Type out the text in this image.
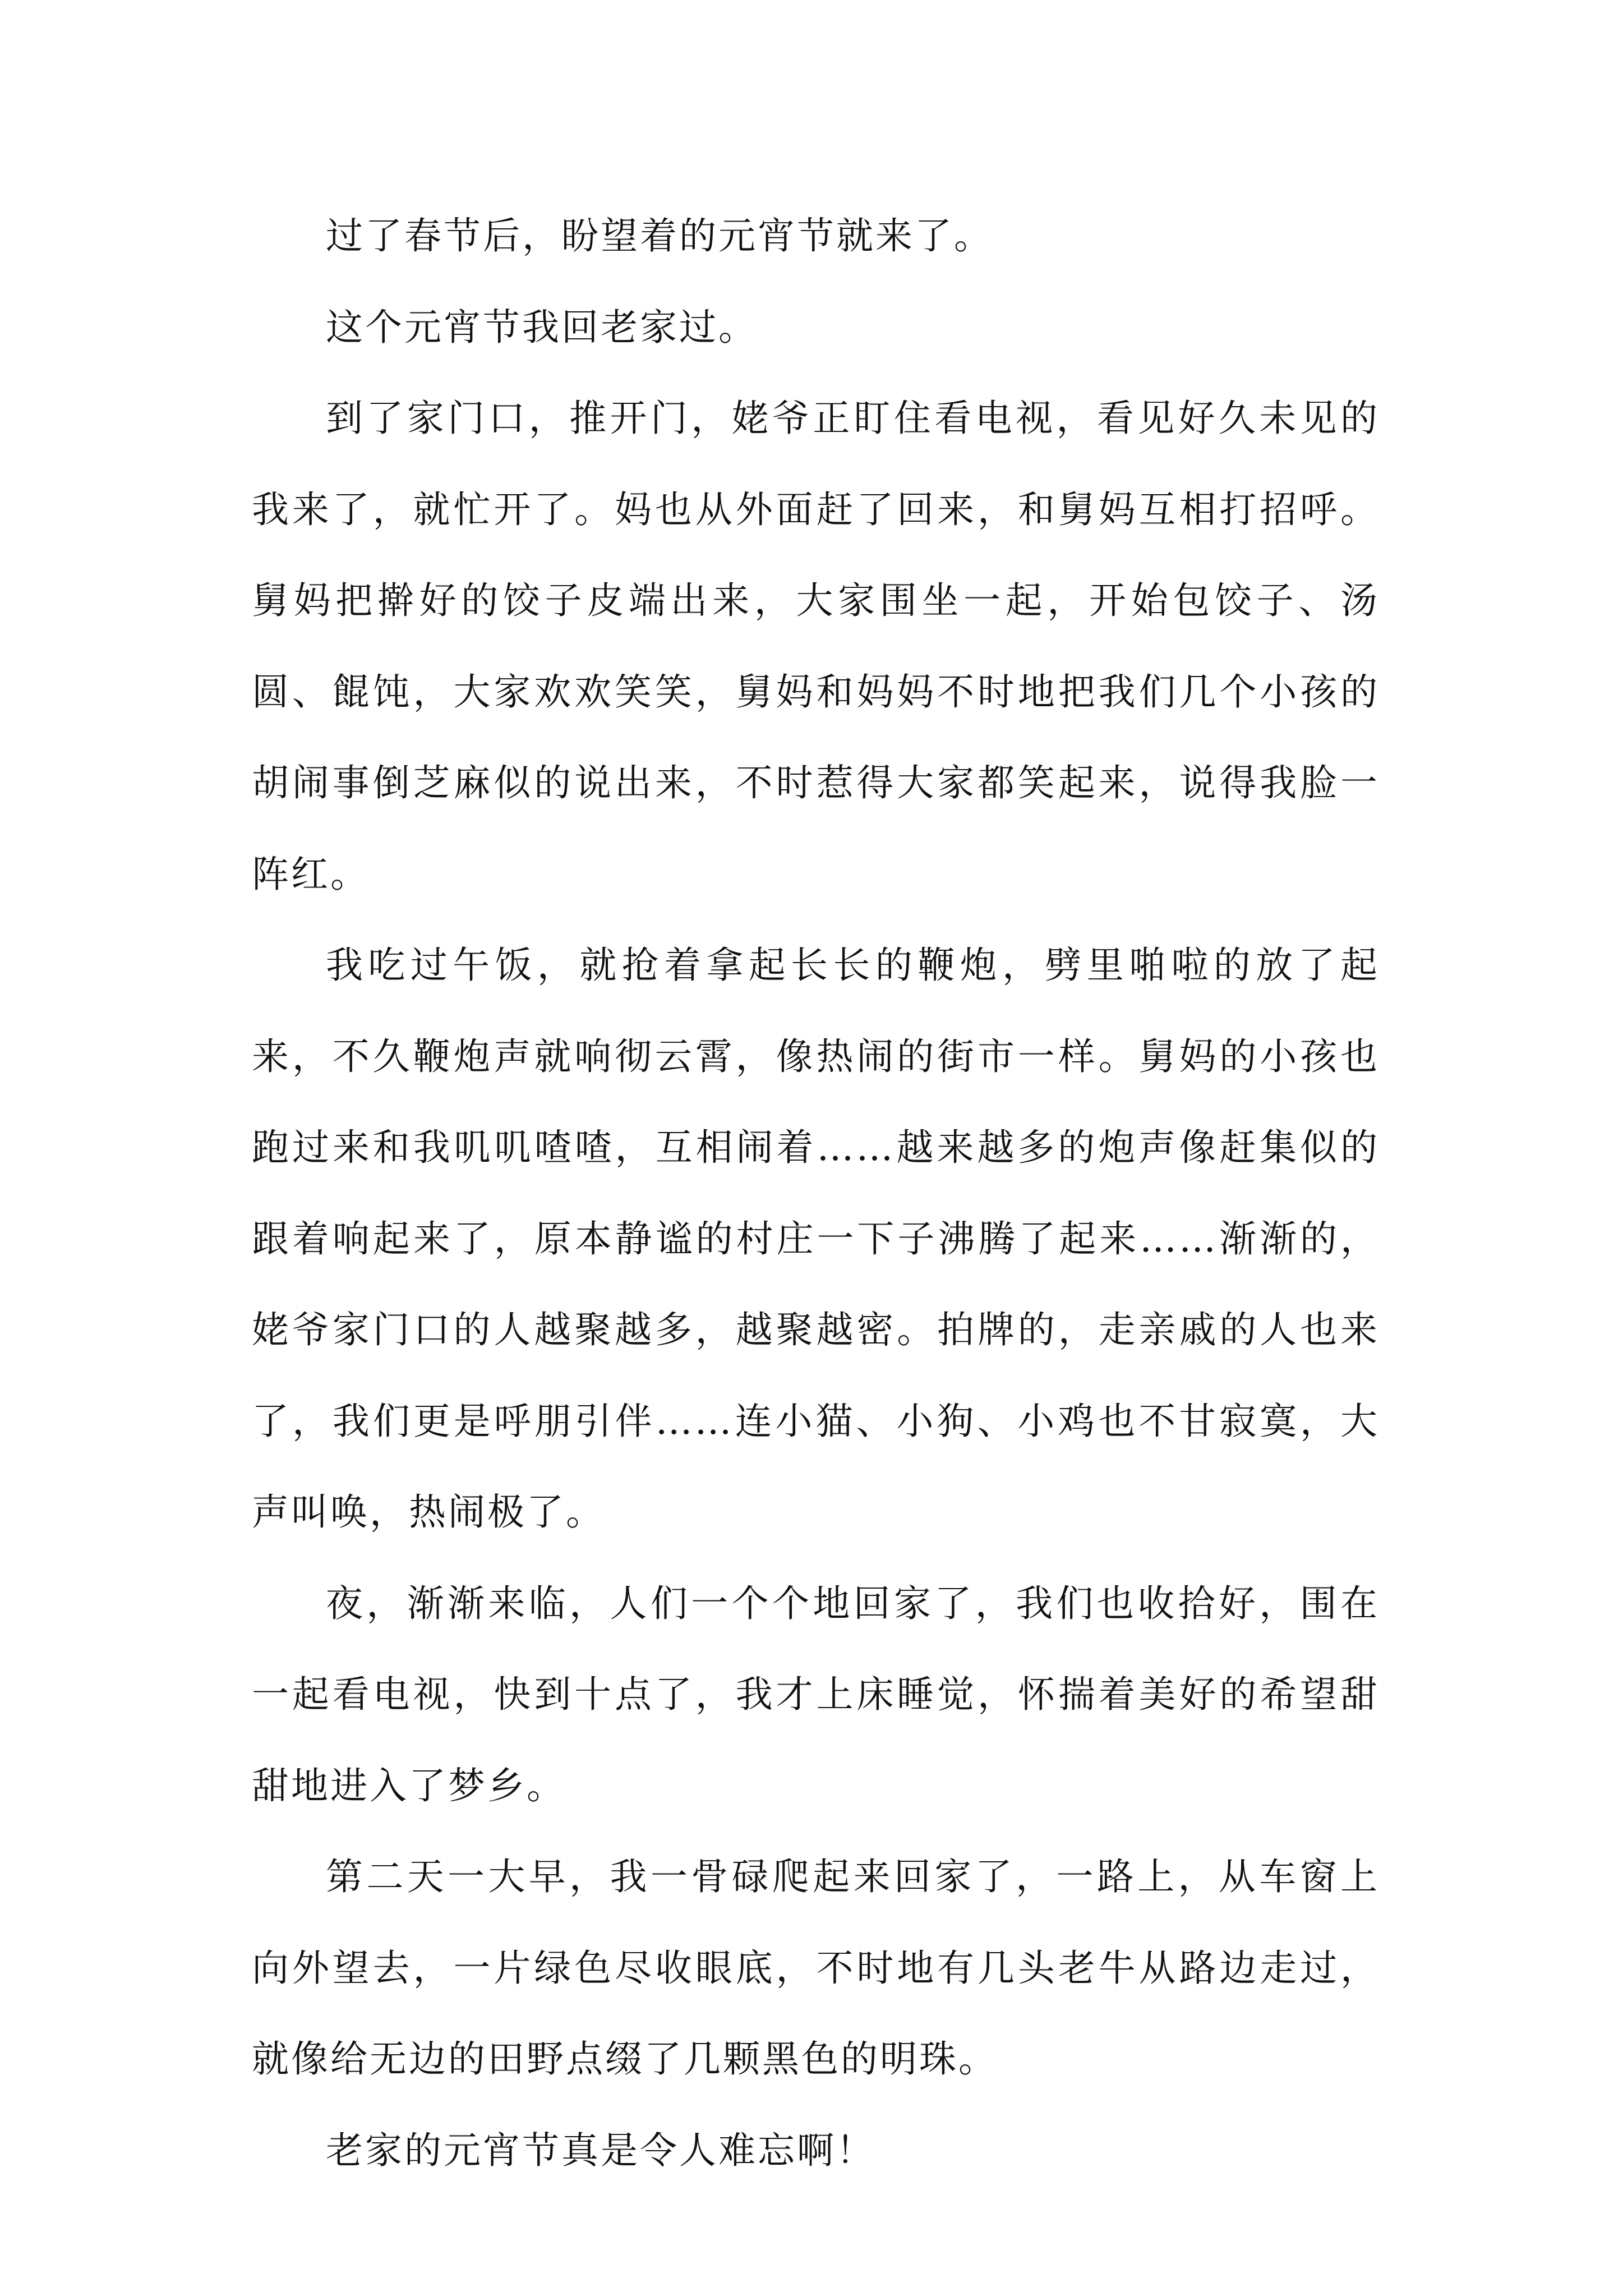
过了春节后，盼望着的元宵节就来了。

这个元宵节我回老家过。

到了家门口，推开门，姥爷正盯住看电视，看见好久未见的我来了，就忙开了。妈也从外面赶了回来，和舅妈互相打招呼。舅妈把擀好的饺子皮端出来，大家围坐一起，开始包饺子、汤圆、餛饨，大家欢欢笑笑，舅妈和妈妈不时地把我们几个小孩的胡闹事倒芝麻似的说出来，不时惹得大家都笑起来，说得我脸一阵红。

我吃过午饭，就抢着拿起长长的鞭炮，劈里啪啦的放了起来，不久鞭炮声就响彻云霄，像热闹的街市一样。舅妈的小孩也跑过来和我叽叽喳喳，互相闹着……越来越多的炮声像赶集似的跟着响起来了，原本静谧的村庄一下子沸腾了起来……渐渐的，姥爷家门口的人越聚越多，越聚越密。拍牌的，走亲戚的人也来了，我们更是呼朋引伴……连小猫、小狗、小鸡也不甘寂寞，大声叫唤，热闹极了。

夜，渐渐来临，人们一个个地回家了，我们也收拾好，围在一起看电视，快到十点了，我才上床睡觉，怀揣着美好的希望甜甜地进入了梦乡。

第二天一大早，我一骨碌爬起来回家了，一路上，从车窗上向外望去，一片绿色尽收眼底，不时地有几头老牛从路边走过，就像给无边的田野点缀了几颗黑色的明珠。

老家的元宵节真是令人难忘啊！
